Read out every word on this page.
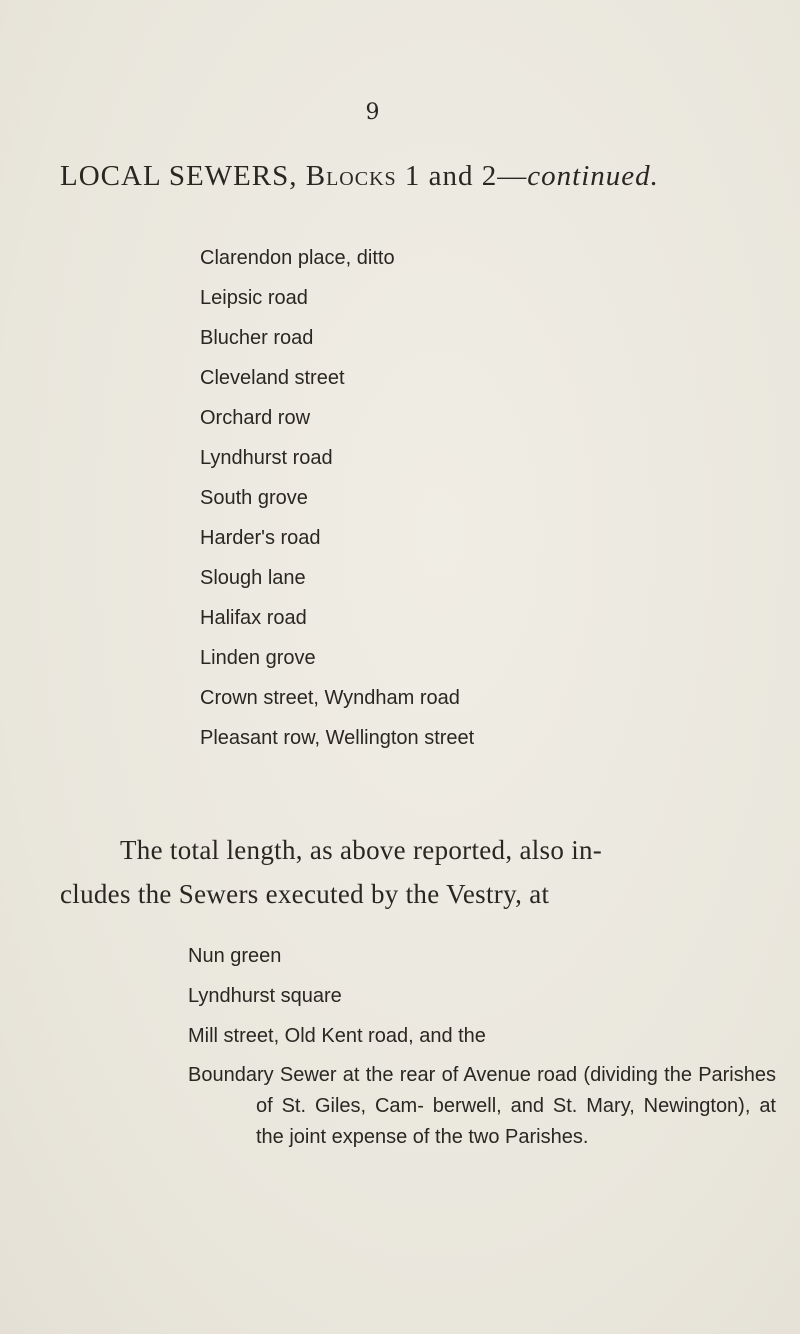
9
LOCAL SEWERS, Blocks 1 and 2—continued.
Clarendon place, ditto
Leipsic road
Blucher road
Cleveland street
Orchard row
Lyndhurst road
South grove
Harder's road
Slough lane
Halifax road
Linden grove
Crown street, Wyndham road
Pleasant row, Wellington street
The total length, as above reported, also in-
cludes the Sewers executed by the Vestry, at
Nun green
Lyndhurst square
Mill street, Old Kent road, and the
Boundary Sewer at the rear of Avenue road (dividing the Parishes of St. Giles, Cam- berwell, and St. Mary, Newington), at the joint expense of the two Parishes.
